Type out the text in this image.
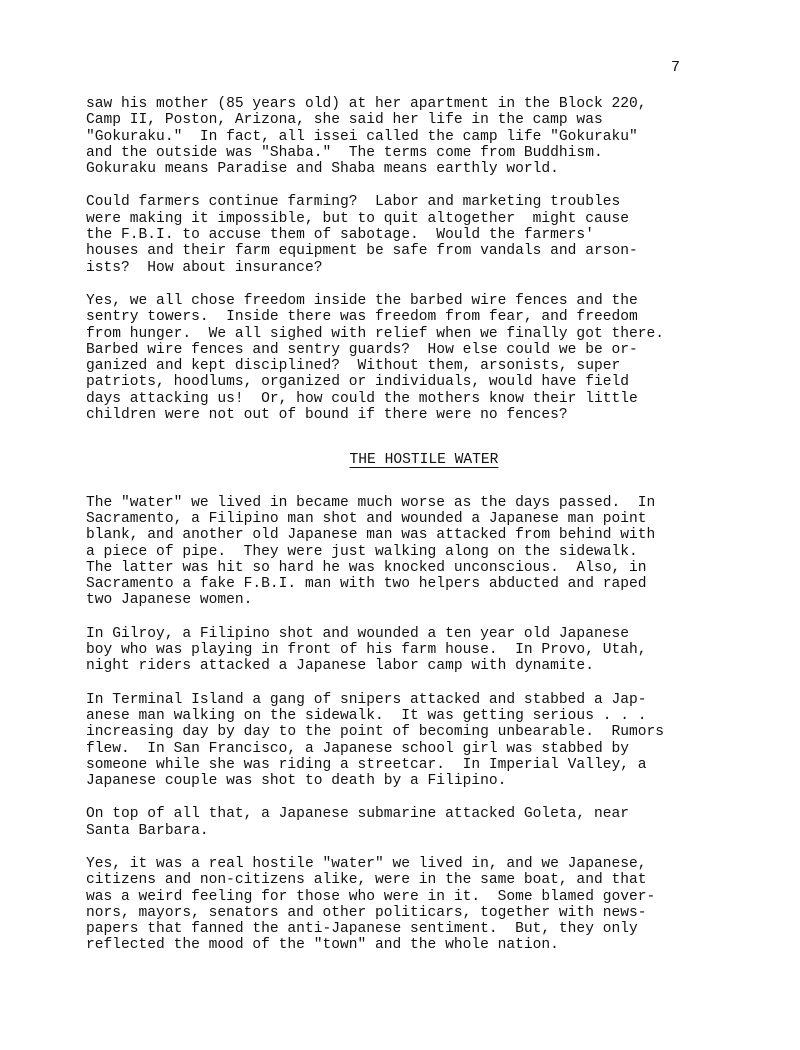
7

saw his mother (85 years old) at her apartment in the Block 220,
Camp II, Poston, Arizona, she said her life in the camp was
"Gokuraku."  In fact, all issei called the camp life "Gokuraku"
and the outside was "Shaba."  The terms come from Buddhism.
Gokuraku means Paradise and Shaba means earthly world.

Could farmers continue farming?  Labor and marketing troubles
were making it impossible, but to quit altogether  might cause
the F.B.I. to accuse them of sabotage.  Would the farmers'
houses and their farm equipment be safe from vandals and arson-
ists?  How about insurance?

Yes, we all chose freedom inside the barbed wire fences and the
sentry towers.  Inside there was freedom from fear, and freedom
from hunger.  We all sighed with relief when we finally got there.
Barbed wire fences and sentry guards?  How else could we be or-
ganized and kept disciplined?  Without them, arsonists, super
patriots, hoodlums, organized or individuals, would have field
days attacking us!  Or, how could the mothers know their little
children were not out of bound if there were no fences?

THE HOSTILE WATER

The "water" we lived in became much worse as the days passed.  In
Sacramento, a Filipino man shot and wounded a Japanese man point
blank, and another old Japanese man was attacked from behind with
a piece of pipe.  They were just walking along on the sidewalk.
The latter was hit so hard he was knocked unconscious.  Also, in
Sacramento a fake F.B.I. man with two helpers abducted and raped
two Japanese women.

In Gilroy, a Filipino shot and wounded a ten year old Japanese
boy who was playing in front of his farm house.  In Provo, Utah,
night riders attacked a Japanese labor camp with dynamite.

In Terminal Island a gang of snipers attacked and stabbed a Jap-
anese man walking on the sidewalk.  It was getting serious . . .
increasing day by day to the point of becoming unbearable.  Rumors
flew.  In San Francisco, a Japanese school girl was stabbed by
someone while she was riding a streetcar.  In Imperial Valley, a
Japanese couple was shot to death by a Filipino.

On top of all that, a Japanese submarine attacked Goleta, near
Santa Barbara.

Yes, it was a real hostile "water" we lived in, and we Japanese,
citizens and non-citizens alike, were in the same boat, and that
was a weird feeling for those who were in it.  Some blamed gover-
nors, mayors, senators and other politicars, together with news-
papers that fanned the anti-Japanese sentiment.  But, they only
reflected the mood of the "town" and the whole nation.
